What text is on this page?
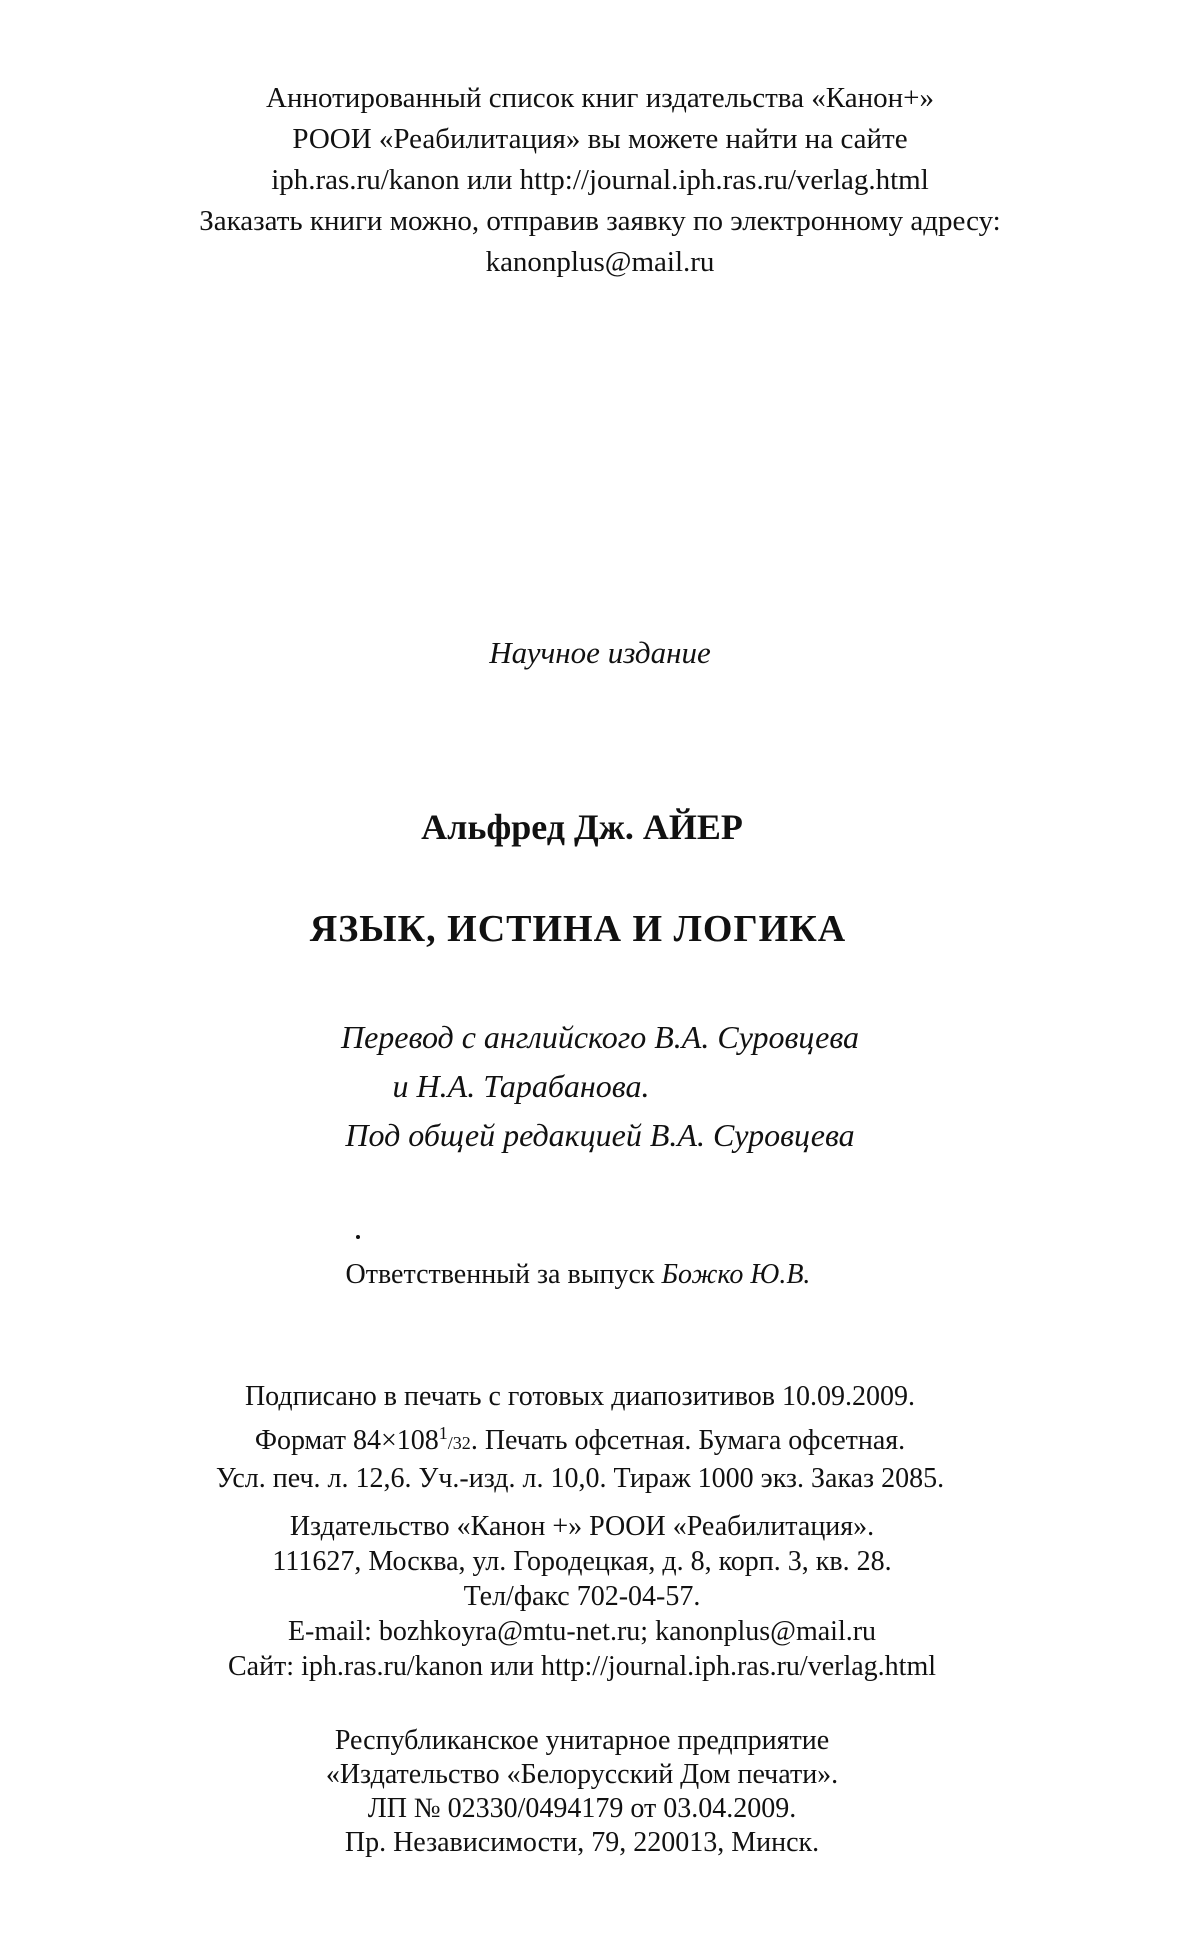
Аннотированный список книг издательства «Канон+»
РООИ «Реабилитация» вы можете найти на сайте
iph.ras.ru/kanon или http://journal.iph.ras.ru/verlag.html
Заказать книги можно, отправив заявку по электронному адресу:
kanonplus@mail.ru
Научное издание
Альфред Дж. АЙЕР
ЯЗЫК, ИСТИНА И ЛОГИКА
Перевод с английского В.А. Суровцева
и Н.А. Тарабанова.
Под общей редакцией В.А. Суровцева
Ответственный за выпуск Божко Ю.В.
Подписано в печать с готовых диапозитивов 10.09.2009.
Формат $84\times 108^1/32$. Печать офсетная. Бумага офсетная.
Усл. печ. л. 12,6. Уч.-изд. л. 10,0. Тираж 1000 экз. Заказ 2085.
Издательство «Канон +» РООИ «Реабилитация».
111627, Москва, ул. Городецкая, д. 8, корп. 3, кв. 28.
Тел/факс 702-04-57.
E-mail: bozhkoyra@mtu-net.ru; kanonplus@mail.ru
Сайт: iph.ras.ru/kanon или http://journal.iph.ras.ru/verlag.html
Республиканское унитарное предприятие
«Издательство «Белорусский Дом печати».
ЛП № 02330/0494179 от 03.04.2009.
Пр. Независимости, 79, 220013, Минск.
